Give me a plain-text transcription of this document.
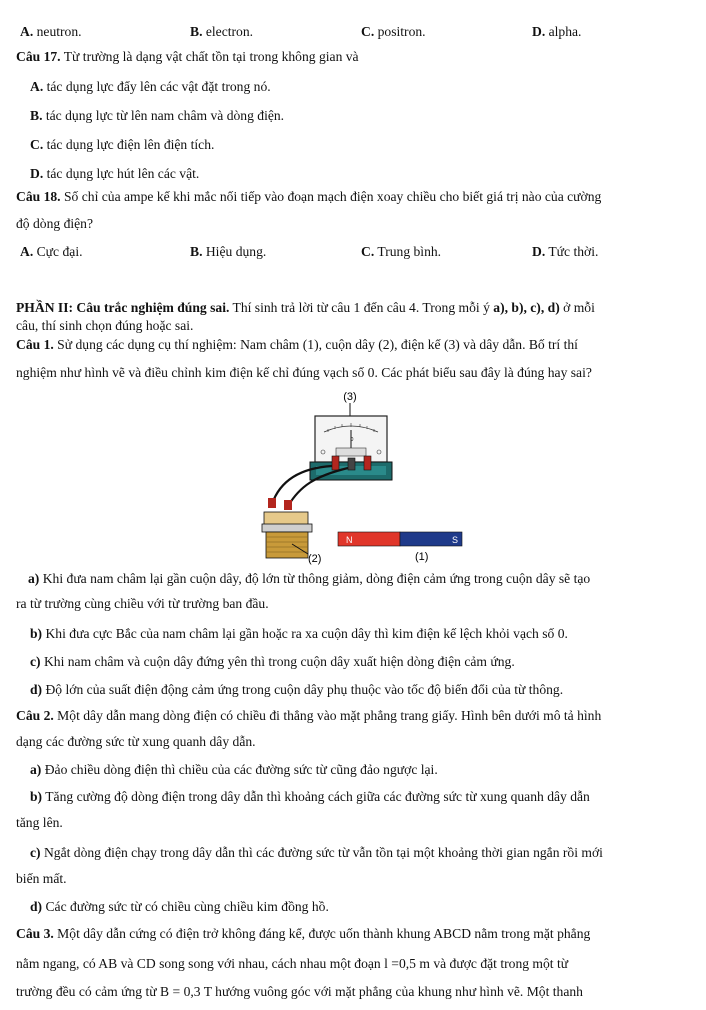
A. neutron.	B. electron.	C. positron.	D. alpha.
Câu 17. Từ trường là dạng vật chất tồn tại trong không gian và
A. tác dụng lực đẩy lên các vật đặt trong nó.
B. tác dụng lực từ lên nam châm và dòng điện.
C. tác dụng lực điện lên điện tích.
D. tác dụng lực hút lên các vật.
Câu 18. Số chỉ của ampe kế khi mắc nối tiếp vào đoạn mạch điện xoay chiều cho biết giá trị nào của cường
độ dòng điện?
A. Cực đại.	B. Hiệu dụng.	C. Trung bình.	D. Tức thời.
PHẦN II: Câu trắc nghiệm đúng sai. Thí sinh trả lời từ câu 1 đến câu 4. Trong mỗi ý a), b), c), d) ở mỗi
câu, thí sinh chọn đúng hoặc sai.
Câu 1. Sử dụng các dụng cụ thí nghiệm: Nam châm (1), cuộn dây (2), điện kế (3) và dây dẫn. Bố trí thí
nghiệm như hình vẽ và điều chỉnh kim điện kế chỉ đúng vạch số 0. Các phát biểu sau đây là đúng hay sai?
(3)
0
(2)
N	S
(1)
a) Khi đưa nam châm lại gần cuộn dây, độ lớn từ thông giảm, dòng điện cảm ứng trong cuộn dây sẽ tạo
ra từ trường cùng chiều với từ trường ban đầu.
b) Khi đưa cực Bắc của nam châm lại gần hoặc ra xa cuộn dây thì kim điện kế lệch khỏi vạch số 0.
c) Khi nam châm và cuộn dây đứng yên thì trong cuộn dây xuất hiện dòng điện cảm ứng.
d) Độ lớn của suất điện động cảm ứng trong cuộn dây phụ thuộc vào tốc độ biến đổi của từ thông.
Câu 2. Một dây dẫn mang dòng điện có chiều đi thẳng vào mặt phẳng trang giấy. Hình bên dưới mô tả hình
dạng các đường sức từ xung quanh dây dẫn.
a) Đảo chiều dòng điện thì chiều của các đường sức từ cũng đảo ngược lại.
b) Tăng cường độ dòng điện trong dây dẫn thì khoảng cách giữa các đường sức từ xung quanh dây dẫn
tăng lên.
c) Ngắt dòng điện chạy trong dây dẫn thì các đường sức từ vẫn tồn tại một khoảng thời gian ngắn rồi mới
biến mất.
d) Các đường sức từ có chiều cùng chiều kim đồng hồ.
Câu 3. Một dây dẫn cứng có điện trở không đáng kể, được uốn thành khung ABCD nằm trong mặt phẳng
nằm ngang, có AB và CD song song với nhau, cách nhau một đoạn l =0,5 m và được đặt trong một từ
trường đều có cảm ứng từ B = 0,3 T hướng vuông góc với mặt phẳng của khung như hình vẽ. Một thanh
